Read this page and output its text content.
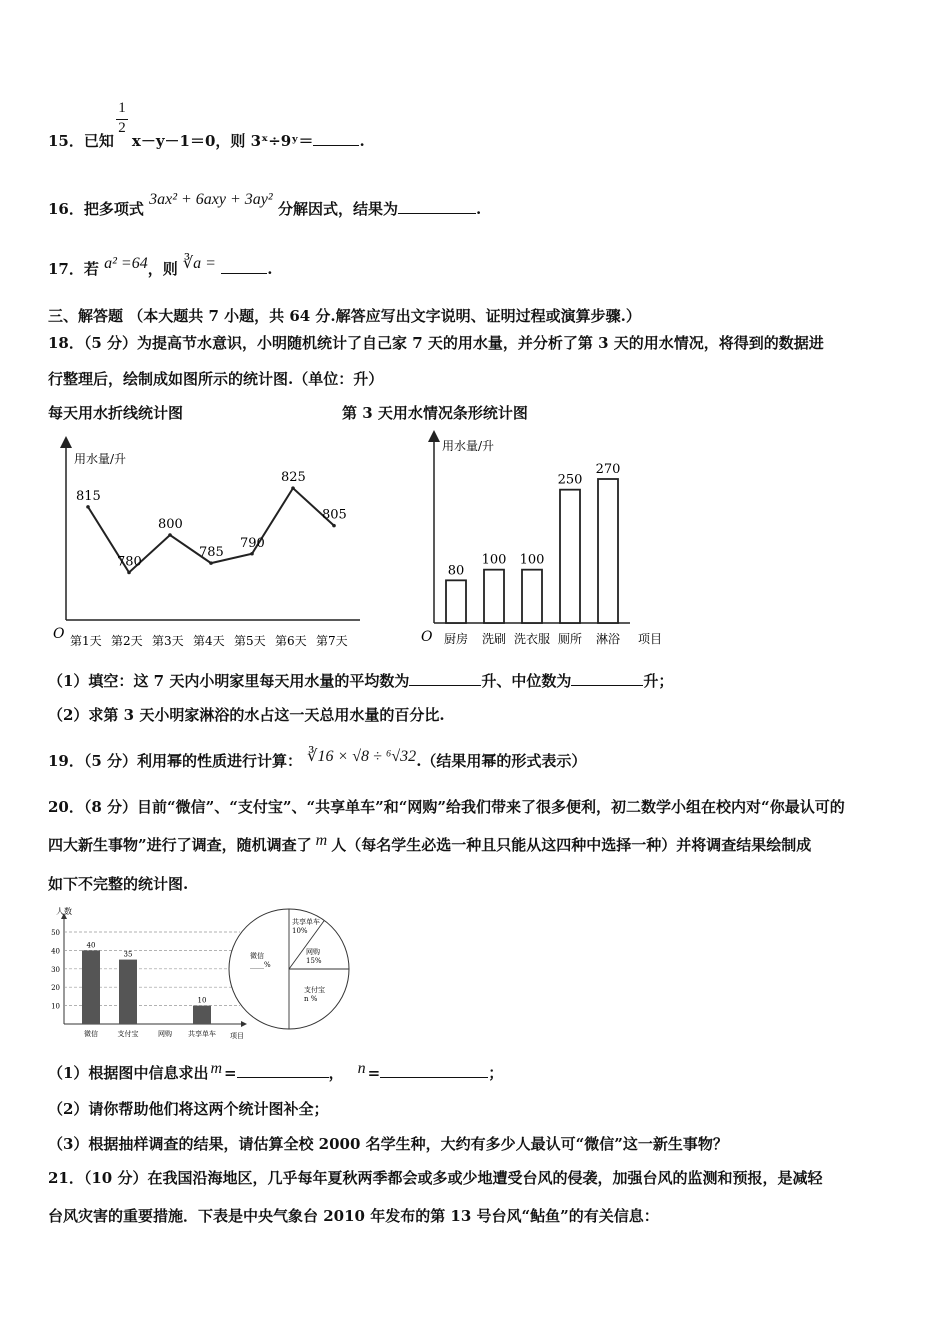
1
2
15．已知 x－y－1＝0，则 3ˣ÷9ʸ＝	.
16．把多项式 3ax² + 6axy + 3ay² 分解因式，结果为	.
17．若 a² =64，则 ∛a =	.
三、解答题 （本大题共 7 小题，共 64 分.解答应写出文字说明、证明过程或演算步骤.）
18．（5 分）为提高节水意识，小明随机统计了自己家 7 天的用水量，并分析了第 3 天的用水情况，将得到的数据进
行整理后，绘制成如图所示的统计图.（单位：升）
每天用水折线统计图	第 3 天用水情况条形统计图
用水量/升
O
815
780
800
785
790
825
805
第1天 第2天 第3天 第4天 第5天 第6天 第7天
用水量/升
O	项目
80
厨房
100
洗刷
100
洗衣服
250
厕所
270
淋浴
（1）填空：这 7 天内小明家里每天用水量的平均数为	升、中位数为	升；
（2）求第 3 天小明家淋浴的水占这一天总用水量的百分比.
19．（5 分）利用幂的性质进行计算： ∛16 × √8 ÷ ⁶√32.（结果用幂的形式表示）
20．（8 分）目前“微信”、“支付宝”、“共享单车”和“网购”给我们带来了很多便利，初二数学小组在校内对“你最认可的
四大新生事物”进行了调查，随机调查了 m 人（每名学生必选一种且只能从这四种中选择一种）并将调查结果绘制成
如下不完整的统计图.
人数
项目
10
20
30
40
50
40
微信
35
支付宝	网购
10
共享单车
共享单车
10%
网购
15%
支付宝
n %
微信
____%
（1）根据图中信息求出 m =	， n =	；
（2）请你帮助他们将这两个统计图补全；
（3）根据抽样调查的结果，请估算全校 2000 名学生种，大约有多少人最认可“微信”这一新生事物？
21．（10 分）在我国沿海地区，几乎每年夏秋两季都会或多或少地遭受台风的侵袭，加强台风的监测和预报，是减轻
台风灾害的重要措施．下表是中央气象台 2010 年发布的第 13 号台风“鲇鱼”的有关信息：
